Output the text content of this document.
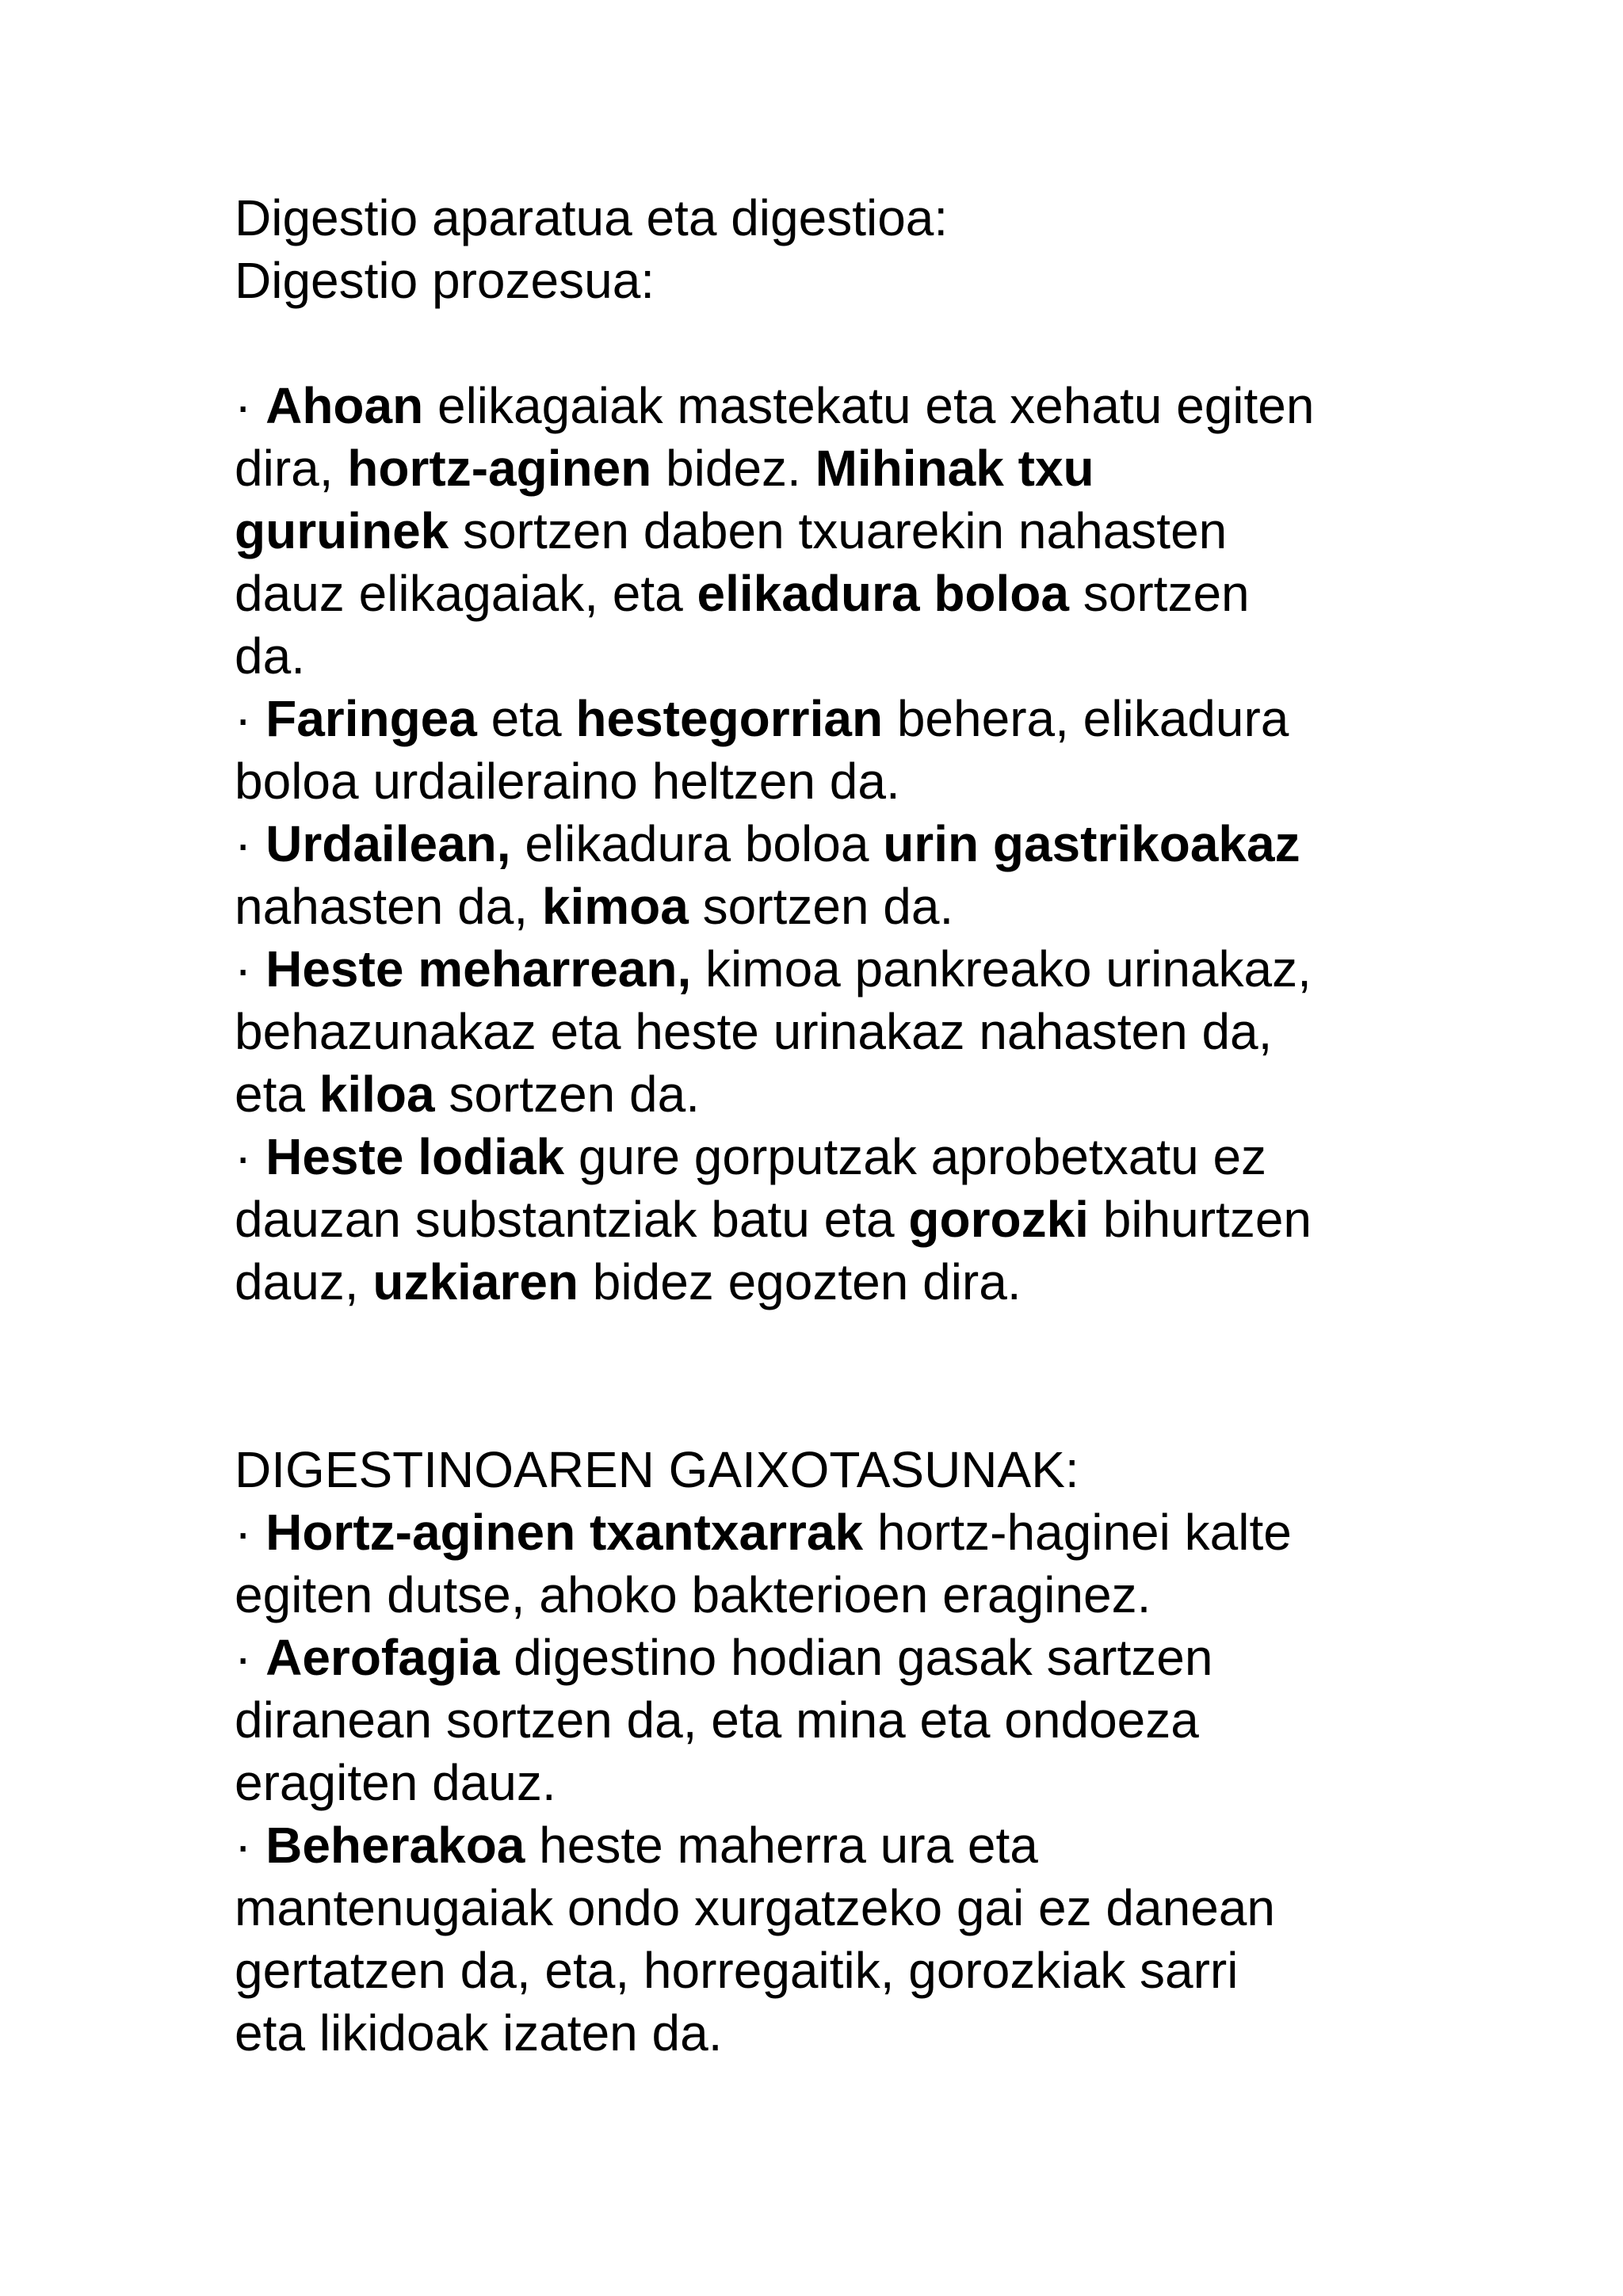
Digestio aparatua eta digestioa:
Digestio prozesua:
· Ahoan elikagaiak mastekatu eta xehatu egiten
dira, hortz-aginen bidez. Mihinak txu
guruinek sortzen daben txuarekin nahasten
dauz elikagaiak, eta elikadura boloa sortzen
da.
· Faringea eta hestegorrian behera, elikadura
boloa urdaileraino heltzen da.
· Urdailean, elikadura boloa urin gastrikoakaz
nahasten da, kimoa sortzen da.
· Heste meharrean, kimoa pankreako urinakaz,
behazunakaz eta heste urinakaz nahasten da,
eta kiloa sortzen da.
· Heste lodiak gure gorputzak aprobetxatu ez
dauzan substantziak batu eta gorozki bihurtzen
dauz, uzkiaren bidez egozten dira.
DIGESTINOAREN GAIXOTASUNAK:
· Hortz-aginen txantxarrak hortz-haginei kalte
egiten dutse, ahoko bakterioen eraginez.
· Aerofagia digestino hodian gasak sartzen
diranean sortzen da, eta mina eta ondoeza
eragiten dauz.
· Beherakoa heste maherra ura eta
mantenugaiak ondo xurgatzeko gai ez danean
gertatzen da, eta, horregaitik, gorozkiak sarri
eta likidoak izaten da.
